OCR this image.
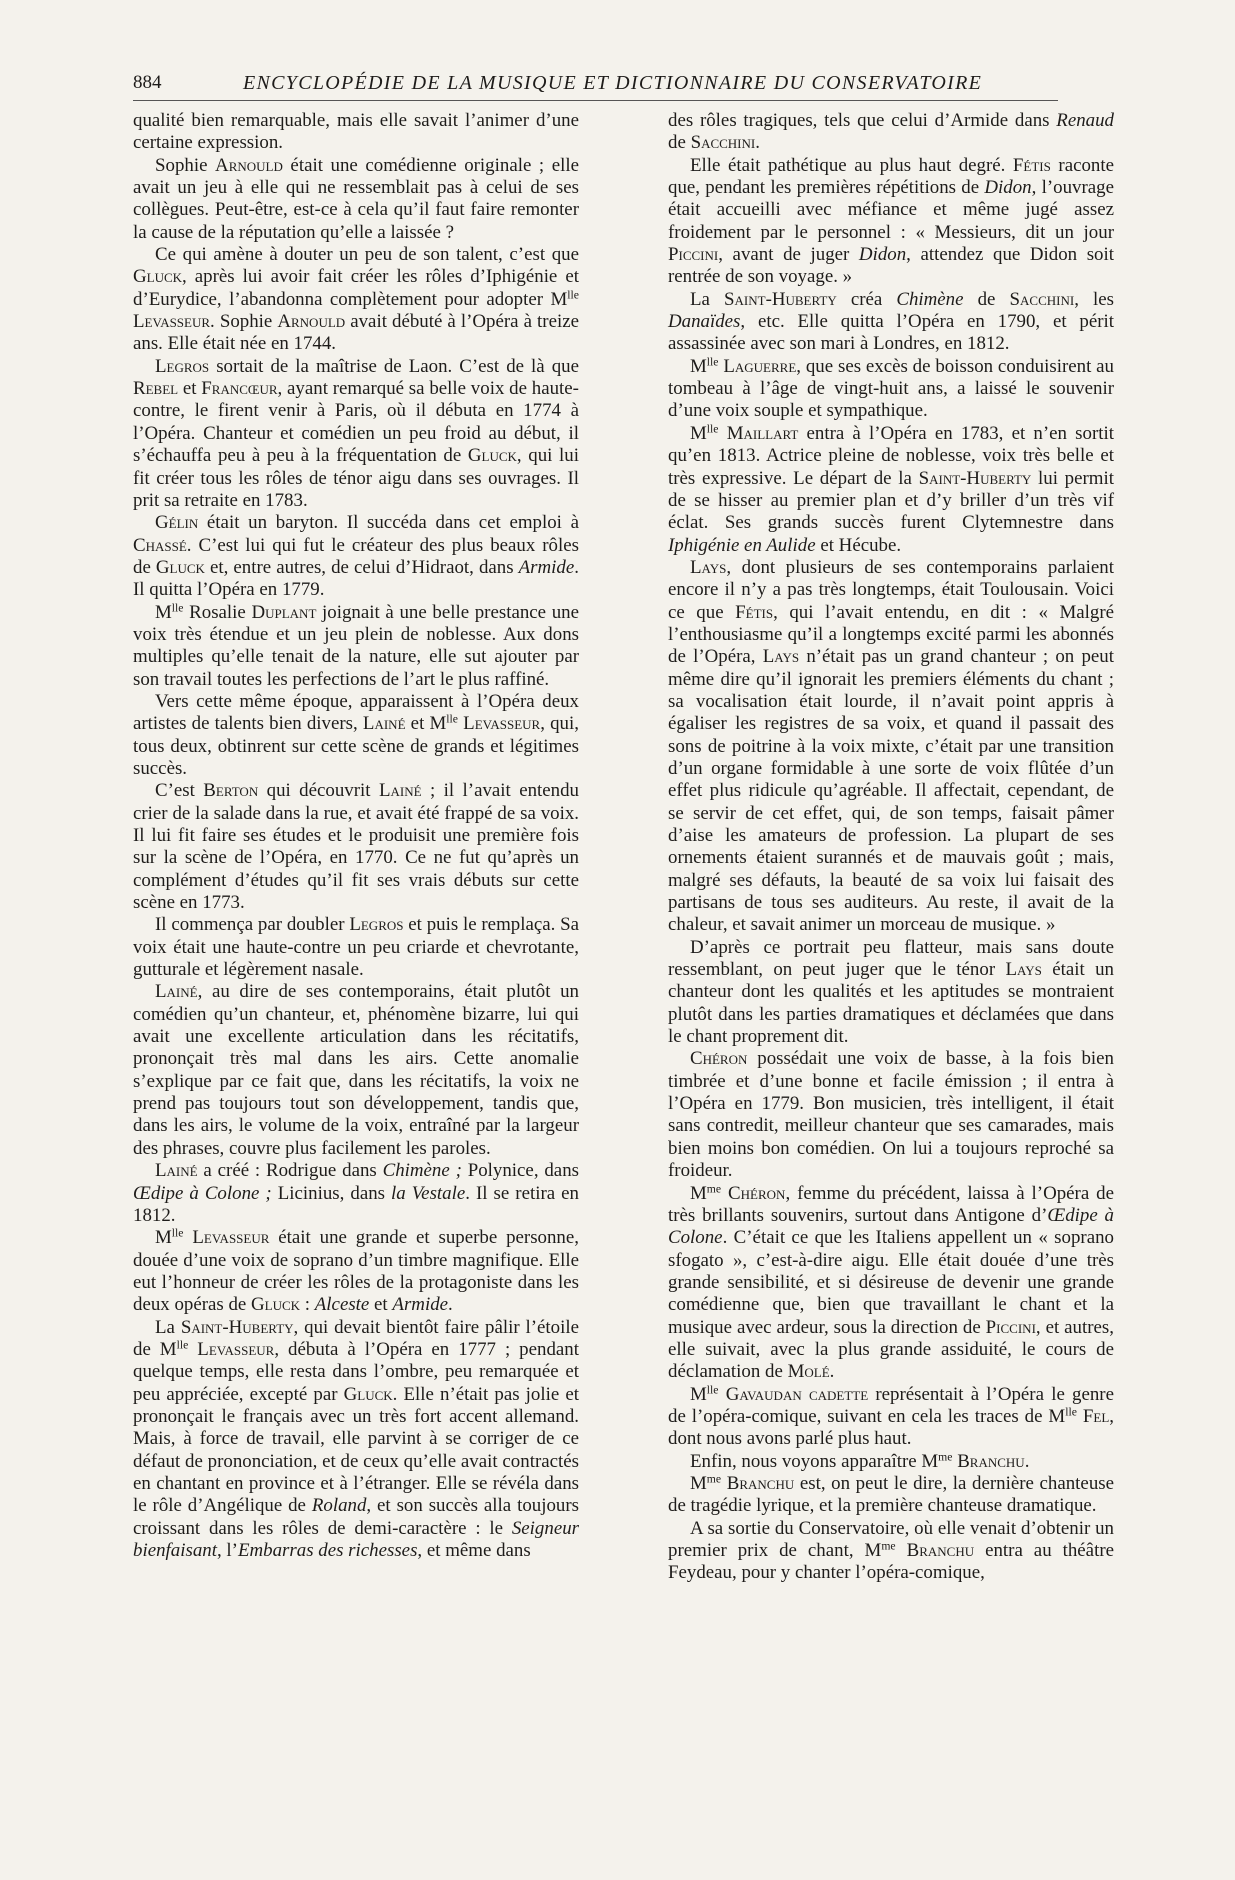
884	ENCYCLOPÉDIE DE LA MUSIQUE ET DICTIONNAIRE DU CONSERVATOIRE

qualité bien remarquable, mais elle savait l’animer d’une certaine expression.

Sophie Arnould était une comédienne originale ; elle avait un jeu à elle qui ne ressemblait pas à celui de ses collègues. Peut-être, est-ce à cela qu’il faut faire remonter la cause de la réputation qu’elle a laissée ?

Ce qui amène à douter un peu de son talent, c’est que Gluck, après lui avoir fait créer les rôles d’Iphigénie et d’Eurydice, l’abandonna complètement pour adopter $M^{lle}$ Levasseur. Sophie Arnould avait débuté à l’Opéra à treize ans. Elle était née en 1744.

Legros sortait de la maîtrise de Laon. C’est de là que Rebel et Francœur, ayant remarqué sa belle voix de haute-contre, le firent venir à Paris, où il débuta en 1774 à l’Opéra. Chanteur et comédien un peu froid au début, il s’échauffa peu à peu à la fréquentation de Gluck, qui lui fit créer tous les rôles de ténor aigu dans ses ouvrages. Il prit sa retraite en 1783.

Gélin était un baryton. Il succéda dans cet emploi à Chassé. C’est lui qui fut le créateur des plus beaux rôles de Gluck et, entre autres, de celui d’Hidraot, dans Armide. Il quitta l’Opéra en 1779.

$M^{lle}$ Rosalie Duplant joignait à une belle prestance une voix très étendue et un jeu plein de noblesse. Aux dons multiples qu’elle tenait de la nature, elle sut ajouter par son travail toutes les perfections de l’art le plus raffiné.

Vers cette même époque, apparaissent à l’Opéra deux artistes de talents bien divers, Lainé et $M^{lle}$ Levasseur, qui, tous deux, obtinrent sur cette scène de grands et légitimes succès.

C’est Berton qui découvrit Lainé ; il l’avait entendu crier de la salade dans la rue, et avait été frappé de sa voix. Il lui fit faire ses études et le produisit une première fois sur la scène de l’Opéra, en 1770. Ce ne fut qu’après un complément d’études qu’il fit ses vrais débuts sur cette scène en 1773.

Il commença par doubler Legros et puis le remplaça. Sa voix était une haute-contre un peu criarde et chevrotante, gutturale et légèrement nasale.

Lainé, au dire de ses contemporains, était plutôt un comédien qu’un chanteur, et, phénomène bizarre, lui qui avait une excellente articulation dans les récitatifs, prononçait très mal dans les airs. Cette anomalie s’explique par ce fait que, dans les récitatifs, la voix ne prend pas toujours tout son développement, tandis que, dans les airs, le volume de la voix, entraîné par la largeur des phrases, couvre plus facilement les paroles.

Lainé a créé : Rodrigue dans Chimène ; Polynice, dans Œdipe à Colone ; Licinius, dans la Vestale. Il se retira en 1812.

$M^{lle}$ Levasseur était une grande et superbe personne, douée d’une voix de soprano d’un timbre magnifique. Elle eut l’honneur de créer les rôles de la protagoniste dans les deux opéras de Gluck : Alceste et Armide.

La Saint-Huberty, qui devait bientôt faire pâlir l’étoile de $M^{lle}$ Levasseur, débuta à l’Opéra en 1777 ; pendant quelque temps, elle resta dans l’ombre, peu remarquée et peu appréciée, excepté par Gluck. Elle n’était pas jolie et prononçait le français avec un très fort accent allemand. Mais, à force de travail, elle parvint à se corriger de ce défaut de prononciation, et de ceux qu’elle avait contractés en chantant en province et à l’étranger. Elle se révéla dans le rôle d’Angélique de Roland, et son succès alla toujours croissant dans les rôles de demi-caractère : le Seigneur bienfaisant, l’Embarras des richesses, et même dans

des rôles tragiques, tels que celui d’Armide dans Renaud de Sacchini.

Elle était pathétique au plus haut degré. Fétis raconte que, pendant les premières répétitions de Didon, l’ouvrage était accueilli avec méfiance et même jugé assez froidement par le personnel : « Messieurs, dit un jour Piccini, avant de juger Didon, attendez que Didon soit rentrée de son voyage. »

La Saint-Huberty créa Chimène de Sacchini, les Danaïdes, etc. Elle quitta l’Opéra en 1790, et périt assassinée avec son mari à Londres, en 1812.

$M^{lle}$ Laguerre, que ses excès de boisson conduisirent au tombeau à l’âge de vingt-huit ans, a laissé le souvenir d’une voix souple et sympathique.

$M^{lle}$ Maillart entra à l’Opéra en 1783, et n’en sortit qu’en 1813. Actrice pleine de noblesse, voix très belle et très expressive. Le départ de la Saint-Huberty lui permit de se hisser au premier plan et d’y briller d’un très vif éclat. Ses grands succès furent Clytemnestre dans Iphigénie en Aulide et Hécube.

Lays, dont plusieurs de ses contemporains parlaient encore il n’y a pas très longtemps, était Toulousain. Voici ce que Fétis, qui l’avait entendu, en dit : « Malgré l’enthousiasme qu’il a longtemps excité parmi les abonnés de l’Opéra, Lays n’était pas un grand chanteur ; on peut même dire qu’il ignorait les premiers éléments du chant ; sa vocalisation était lourde, il n’avait point appris à égaliser les registres de sa voix, et quand il passait des sons de poitrine à la voix mixte, c’était par une transition d’un organe formidable à une sorte de voix flûtée d’un effet plus ridicule qu’agréable. Il affectait, cependant, de se servir de cet effet, qui, de son temps, faisait pâmer d’aise les amateurs de profession. La plupart de ses ornements étaient surannés et de mauvais goût ; mais, malgré ses défauts, la beauté de sa voix lui faisait des partisans de tous ses auditeurs. Au reste, il avait de la chaleur, et savait animer un morceau de musique. »

D’après ce portrait peu flatteur, mais sans doute ressemblant, on peut juger que le ténor Lays était un chanteur dont les qualités et les aptitudes se montraient plutôt dans les parties dramatiques et déclamées que dans le chant proprement dit.

Chéron possédait une voix de basse, à la fois bien timbrée et d’une bonne et facile émission ; il entra à l’Opéra en 1779. Bon musicien, très intelligent, il était sans contredit, meilleur chanteur que ses camarades, mais bien moins bon comédien. On lui a toujours reproché sa froideur.

$M^{me}$ Chéron, femme du précédent, laissa à l’Opéra de très brillants souvenirs, surtout dans Antigone d’Œdipe à Colone. C’était ce que les Italiens appellent un « soprano sfogato », c’est-à-dire aigu. Elle était douée d’une très grande sensibilité, et si désireuse de devenir une grande comédienne que, bien que travaillant le chant et la musique avec ardeur, sous la direction de Piccini, et autres, elle suivait, avec la plus grande assiduité, le cours de déclamation de Molé.

$M^{lle}$ Gavaudan cadette représentait à l’Opéra le genre de l’opéra-comique, suivant en cela les traces de $M^{lle}$ Fel, dont nous avons parlé plus haut.

Enfin, nous voyons apparaître $M^{me}$ Branchu.

$M^{me}$ Branchu est, on peut le dire, la dernière chanteuse de tragédie lyrique, et la première chanteuse dramatique.

A sa sortie du Conservatoire, où elle venait d’obtenir un premier prix de chant, $M^{me}$ Branchu entra au théâtre Feydeau, pour y chanter l’opéra-comique,
